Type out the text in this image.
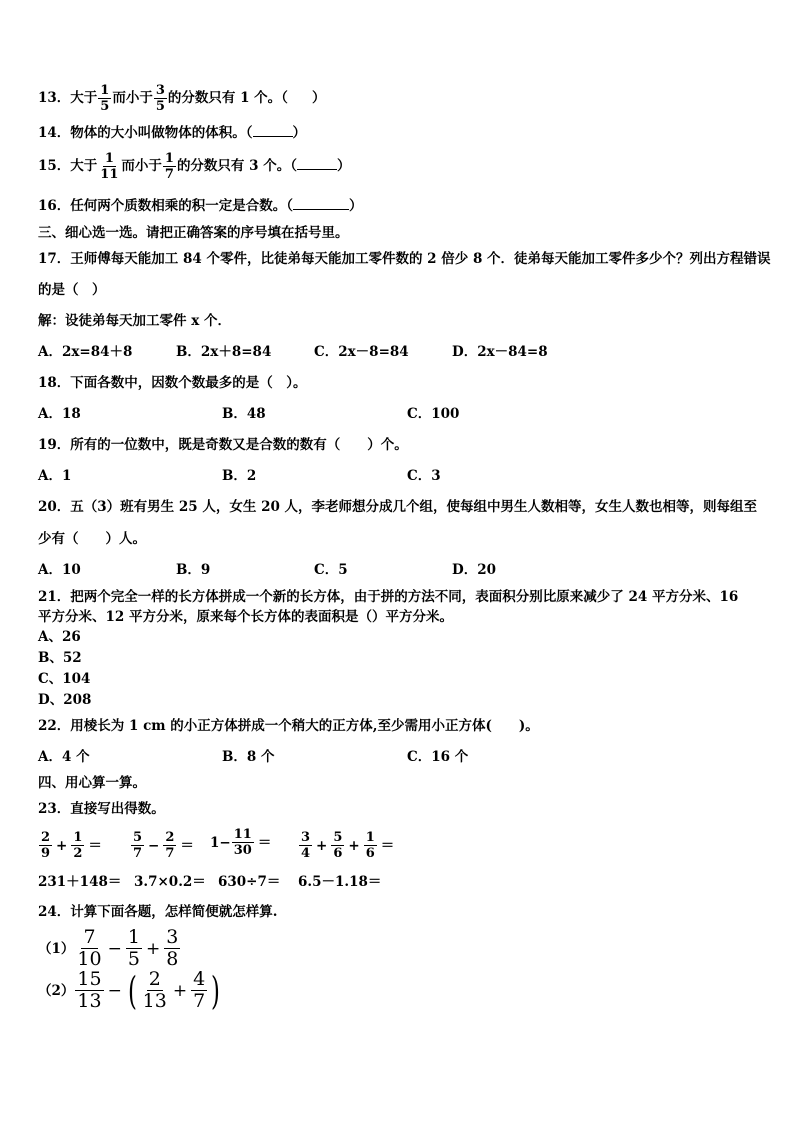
13．大于 $\frac{1}{5}$ 而小于 $\frac{3}{5}$ 的分数只有 1 个。（ ）
14．物体的大小叫做物体的体积。（	）
15．大于 $\frac{1}{11}$ 而小于 $\frac{1}{7}$ 的分数只有 3 个。（	）
16．任何两个质数相乘的积一定是合数。（	）
三、细心选一选。请把正确答案的序号填在括号里。
17．王师傅每天能加工 84 个零件，比徒弟每天能加工零件数的 2 倍少 8 个．徒弟每天能加工零件多少个？列出方程错误
的是（　）
解：设徒弟每天加工零件 x 个．
A．2x=84＋8	B．2x＋8=84	C．2x－8=84	D．2x－84=8
18．下面各数中，因数个数最多的是（　）。
A．18	B．48	C．100
19．所有的一位数中，既是奇数又是合数的数有（　　）个。
A．1	B．2	C．3
20．五（3）班有男生 25 人，女生 20 人，李老师想分成几个组，使每组中男生人数相等，女生人数也相等，则每组至
少有（　　）人。
A．10	B．9	C．5	D．20
21．把两个完全一样的长方体拼成一个新的长方体，由于拼的方法不同，表面积分别比原来减少了 24 平方分米、16
平方分米、12 平方分米，原来每个长方体的表面积是（）平方分米。
A、26
B、52
C、104
D、208
22．用棱长为 1 cm 的小正方体拼成一个稍大的正方体,至少需用小正方体(　　)。
A．4 个	B．8 个	C．16 个
四、用心算一算。
23．直接写出得数。
$\frac{2}{9} + \frac{1}{2} = \frac{5}{7} - \frac{2}{7} = 1- \frac{11}{30} = \frac{3}{4} + \frac{5}{6} + \frac{1}{6}$ ＝
231＋148＝ 3.7×0.2＝ 630÷7＝ 6.5－1.18＝
24．计算下面各题，怎样简便就怎样算.
$(1) \frac{7}{10} - \frac{1}{5} + \frac{3}{8}$
$(2) \frac{15}{13}$ − ( $\frac{2}{13} + \frac{4}{7}$ )
